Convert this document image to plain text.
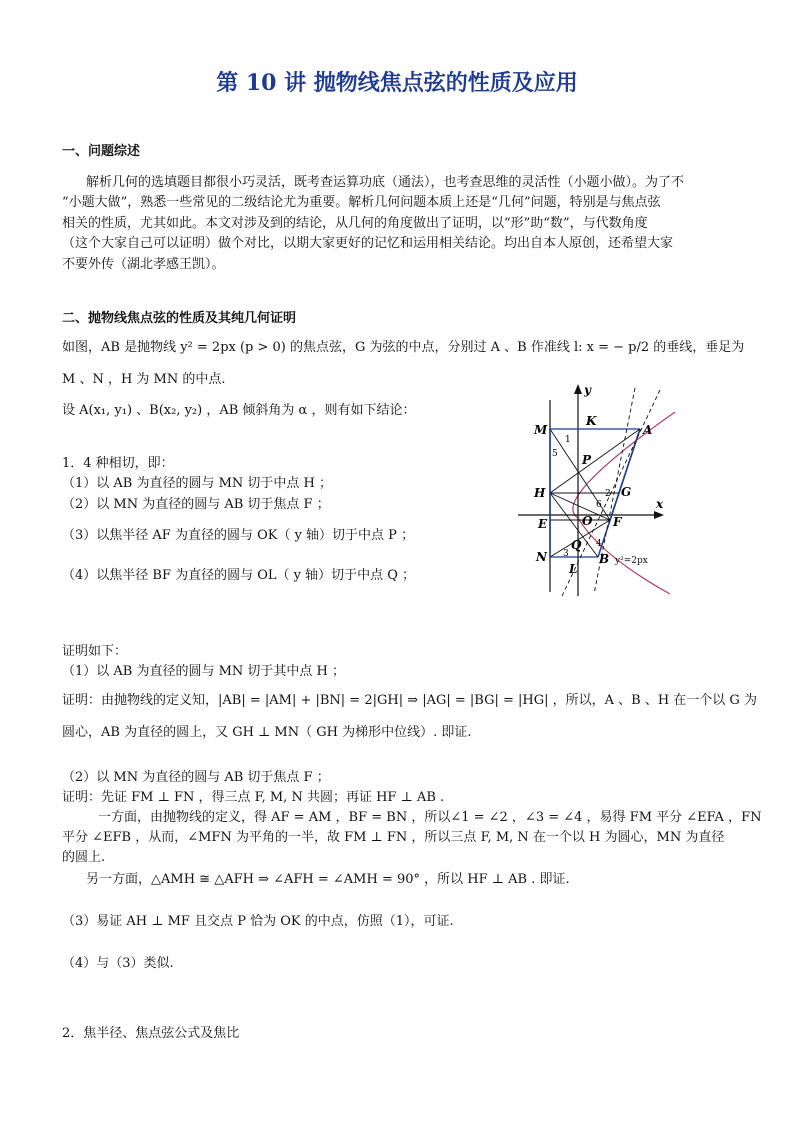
第 10 讲 抛物线焦点弦的性质及应用
一、问题综述
解析几何的选填题目都很小巧灵活，既考查运算功底（通法），也考查思维的灵活性（小题小做）。为了不
“小题大做”，熟悉一些常见的二级结论尤为重要。解析几何问题本质上还是“几何”问题，特别是与焦点弦
相关的性质，尤其如此。本文对涉及到的结论，从几何的角度做出了证明，以“形”助“数”，与代数角度
（这个大家自己可以证明）做个对比，以期大家更好的记忆和运用相关结论。均出自本人原创，还希望大家
不要外传（湖北孝感王凯）。
二、抛物线焦点弦的性质及其纯几何证明
如图，AB 是抛物线 y² = 2px (p > 0) 的焦点弦，G 为弦的中点，分别过 A 、B 作准线 l: x = − p/2 的垂线，垂足为
M 、N ，H 为 MN 的中点.
设 A(x₁, y₁) 、B(x₂, y₂) ，AB 倾斜角为 α ，则有如下结论：
1．4 种相切，即：
（1）以 AB 为直径的圆与 MN 切于中点 H ；
（2）以 MN 为直径的圆与 AB 切于焦点 F ；
（3）以焦半径 AF 为直径的圆与 OK（ y 轴）切于中点 P ；
（4）以焦半径 BF 为直径的圆与 OL（ y 轴）切于中点 Q ；
y
x
M
K
A
P
H	G
E	O F
Q
N
L
B
1
5
2
6
3
4
y²=2px
证明如下：
（1）以 AB 为直径的圆与 MN 切于其中点 H ；
证明：由抛物线的定义知，|AB| = |AM| + |BN| = 2|GH| ⇒ |AG| = |BG| = |HG| ，所以，A 、B 、H 在一个以 G 为
圆心，AB 为直径的圆上，又 GH ⊥ MN（ GH 为梯形中位线）. 即证.
（2）以 MN 为直径的圆与 AB 切于焦点 F ；
证明：先证 FM ⊥ FN ，得三点 F, M, N 共圆；再证 HF ⊥ AB .
一方面，由抛物线的定义，得 AF = AM ，BF = BN ，所以∠1 = ∠2 ，∠3 = ∠4 ，易得 FM 平分 ∠EFA ，FN
平分 ∠EFB ，从而，∠MFN 为平角的一半，故 FM ⊥ FN ，所以三点 F, M, N 在一个以 H 为圆心，MN 为直径
的圆上.
另一方面，△AMH ≅ △AFH ⇒ ∠AFH = ∠AMH = 90° ，所以 HF ⊥ AB . 即证.
（3）易证 AH ⊥ MF 且交点 P 恰为 OK 的中点，仿照（1），可证.
（4）与（3）类似.
2．焦半径、焦点弦公式及焦比
